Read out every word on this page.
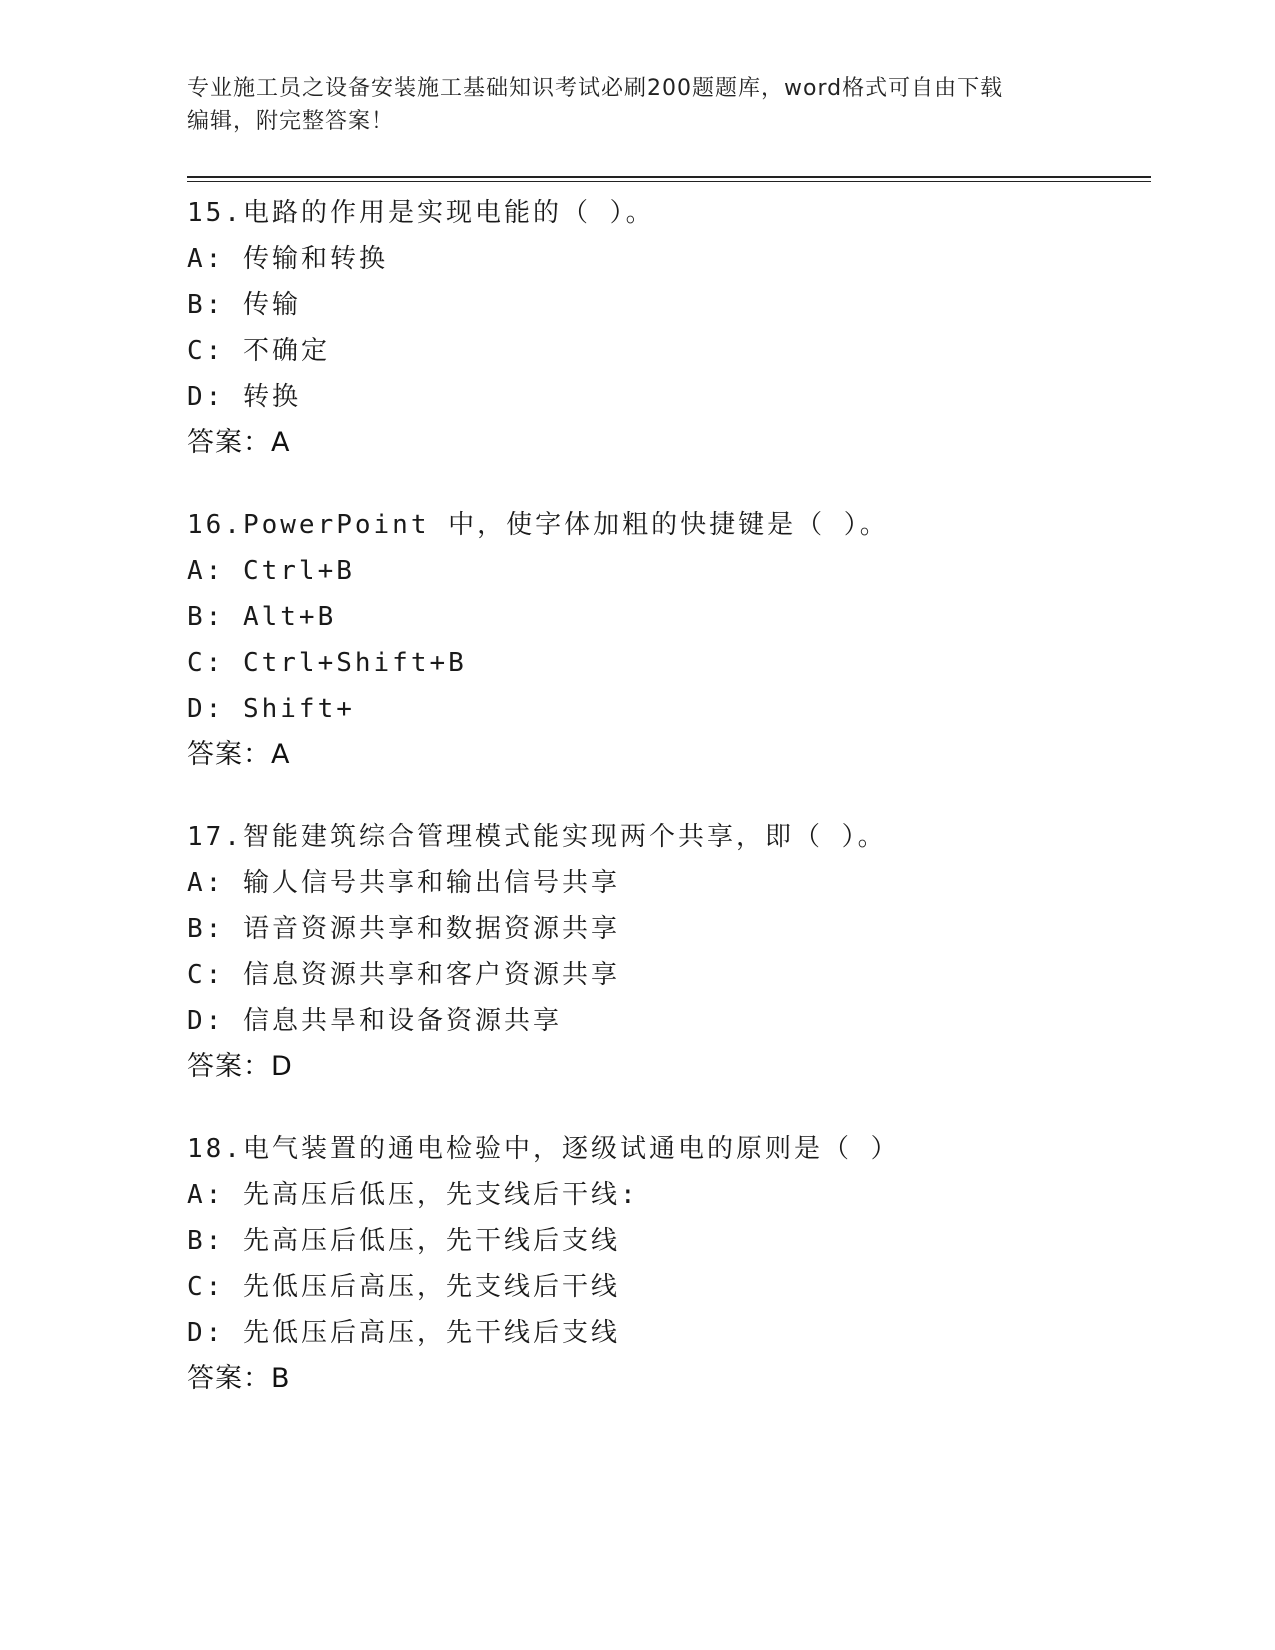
专业施工员之设备安装施工基础知识考试必刷200题题库，word格式可自由下载
编辑，附完整答案！
15.电路的作用是实现电能的（ ）。
A: 传输和转换
B: 传输
C: 不确定
D: 转换
答案：A
16.PowerPoint 中，使字体加粗的快捷键是（ ）。
A: Ctrl+B
B: Alt+B
C: Ctrl+Shift+B
D: Shift+
答案：A
17.智能建筑综合管理模式能实现两个共享，即（ ）。
A: 输人信号共享和输出信号共享
B: 语音资源共享和数据资源共享
C: 信息资源共享和客户资源共享
D: 信息共旱和设备资源共享
答案：D
18.电气装置的通电检验中，逐级试通电的原则是（ ）
A: 先高压后低压，先支线后干线:
B: 先高压后低压，先干线后支线
C: 先低压后高压，先支线后干线
D: 先低压后高压，先干线后支线
答案：B
